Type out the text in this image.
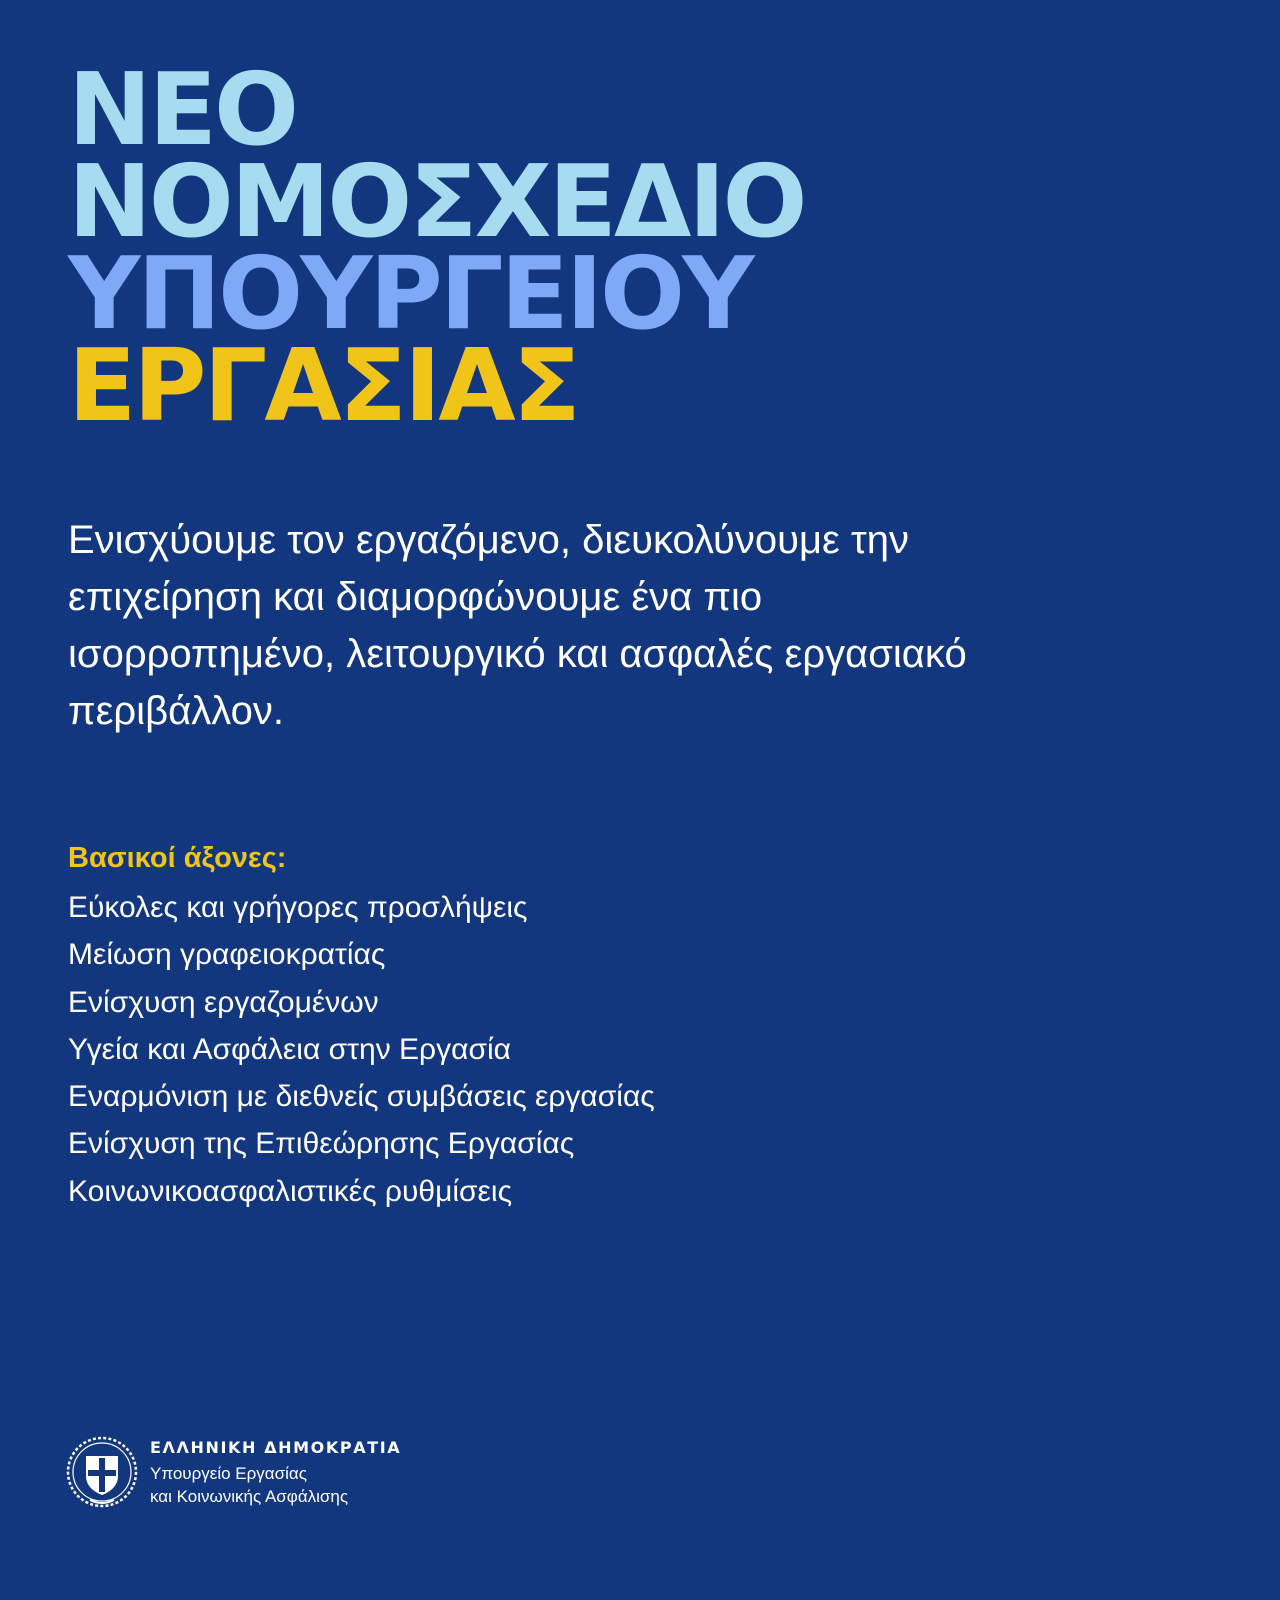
ΝΕΟ
ΝΟΜΟΣΧΕΔΙΟ
ΥΠΟΥΡΓΕΙΟΥ
ΕΡΓΑΣΙΑΣ

Ενισχύουμε τον εργαζόμενο, διευκολύνουμε την επιχείρηση και διαμορφώνουμε ένα πιο ισορροπημένο, λειτουργικό και ασφαλές εργασιακό περιβάλλον.

Βασικοί άξονες:
Εύκολες και γρήγορες προσλήψεις
Μείωση γραφειοκρατίας
Ενίσχυση εργαζομένων
Υγεία και Ασφάλεια στην Εργασία
Εναρμόνιση με διεθνείς συμβάσεις εργασίας
Ενίσχυση της Επιθεώρησης Εργασίας
Κοινωνικοασφαλιστικές ρυθμίσεις
ΕΛΛΗΝΙΚΗ ΔΗΜΟΚΡΑΤΙΑ
Υπουργείο Εργασίας
και Κοινωνικής Ασφάλισης
